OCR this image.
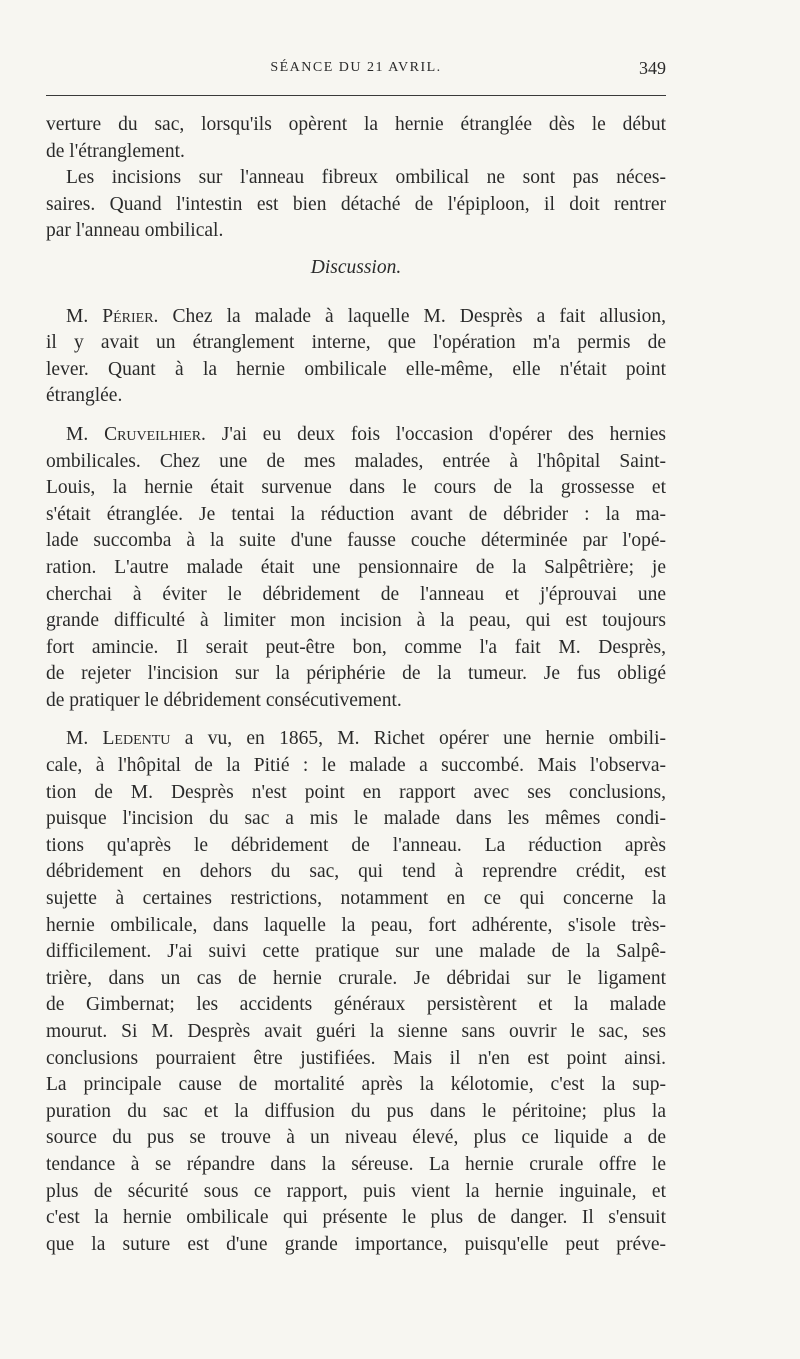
SÉANCE DU 21 AVRIL.	349

verture du sac, lorsqu'ils opèrent la hernie étranglée dès le début

de l'étranglement.

Les incisions sur l'anneau fibreux ombilical ne sont pas néces-

saires. Quand l'intestin est bien détaché de l'épiploon, il doit rentrer

par l'anneau ombilical.

Discussion.

M. Périer. Chez la malade à laquelle M. Desprès a fait allusion,

il y avait un étranglement interne, que l'opération m'a permis de

lever. Quant à la hernie ombilicale elle-même, elle n'était point

étranglée.

M. Cruveilhier. J'ai eu deux fois l'occasion d'opérer des hernies

ombilicales. Chez une de mes malades, entrée à l'hôpital Saint-

Louis, la hernie était survenue dans le cours de la grossesse et

s'était étranglée. Je tentai la réduction avant de débrider : la ma-

lade succomba à la suite d'une fausse couche déterminée par l'opé-

ration. L'autre malade était une pensionnaire de la Salpêtrière; je

cherchai à éviter le débridement de l'anneau et j'éprouvai une

grande difficulté à limiter mon incision à la peau, qui est toujours

fort amincie. Il serait peut-être bon, comme l'a fait M. Desprès,

de rejeter l'incision sur la périphérie de la tumeur. Je fus obligé

de pratiquer le débridement consécutivement.

M. Ledentu a vu, en 1865, M. Richet opérer une hernie ombili-

cale, à l'hôpital de la Pitié : le malade a succombé. Mais l'observa-

tion de M. Desprès n'est point en rapport avec ses conclusions,

puisque l'incision du sac a mis le malade dans les mêmes condi-

tions qu'après le débridement de l'anneau. La réduction après

débridement en dehors du sac, qui tend à reprendre crédit, est

sujette à certaines restrictions, notamment en ce qui concerne la

hernie ombilicale, dans laquelle la peau, fort adhérente, s'isole très-

difficilement. J'ai suivi cette pratique sur une malade de la Salpê-

trière, dans un cas de hernie crurale. Je débridai sur le ligament

de Gimbernat; les accidents généraux persistèrent et la malade

mourut. Si M. Desprès avait guéri la sienne sans ouvrir le sac, ses

conclusions pourraient être justifiées. Mais il n'en est point ainsi.

La principale cause de mortalité après la kélotomie, c'est la sup-

puration du sac et la diffusion du pus dans le péritoine; plus la

source du pus se trouve à un niveau élevé, plus ce liquide a de

tendance à se répandre dans la séreuse. La hernie crurale offre le

plus de sécurité sous ce rapport, puis vient la hernie inguinale, et

c'est la hernie ombilicale qui présente le plus de danger. Il s'ensuit

que la suture est d'une grande importance, puisqu'elle peut préve-
